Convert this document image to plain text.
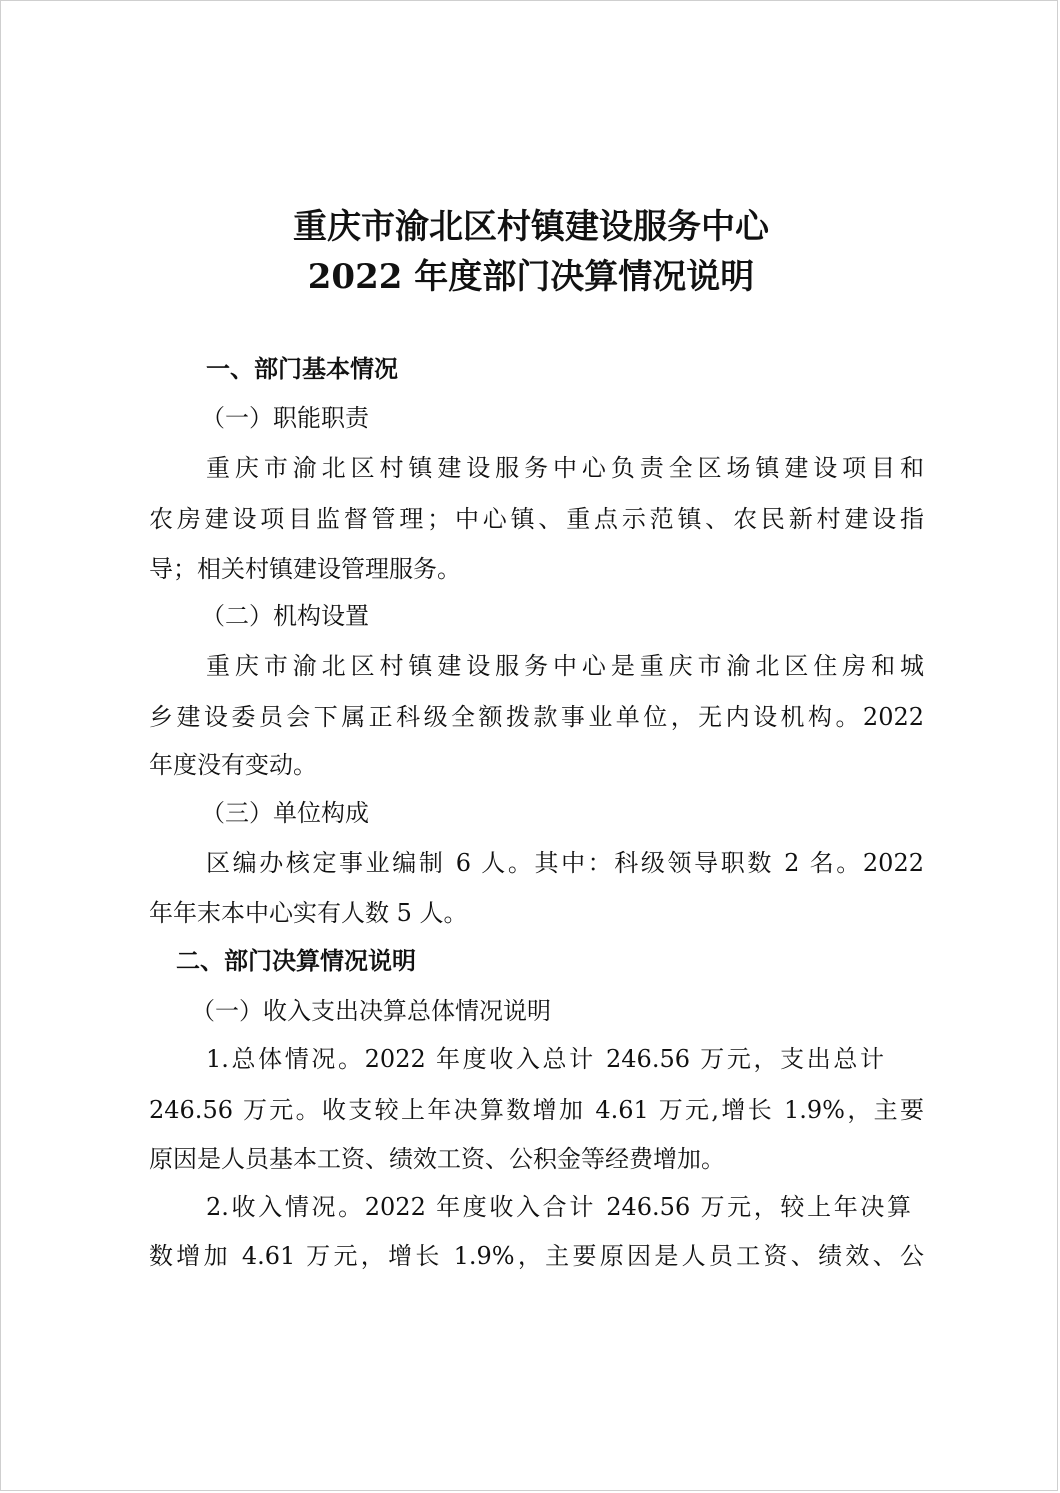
重庆市渝北区村镇建设服务中心
2022 年度部门决算情况说明
一、部门基本情况
（一）职能职责
重庆市渝北区村镇建设服务中心负责全区场镇建设项目和
农房建设项目监督管理；中心镇、重点示范镇、农民新村建设指
导；相关村镇建设管理服务。
（二）机构设置
重庆市渝北区村镇建设服务中心是重庆市渝北区住房和城
乡建设委员会下属正科级全额拨款事业单位，无内设机构。2022
年度没有变动。
（三）单位构成
区编办核定事业编制 6 人。其中：科级领导职数 2 名。2022
年年末本中心实有人数 5 人。
二、部门决算情况说明
（一）收入支出决算总体情况说明
1.总体情况。2022 年度收入总计 246.56 万元，支出总计
246.56 万元。收支较上年决算数增加 4.61 万元,增长 1.9%，主要
原因是人员基本工资、绩效工资、公积金等经费增加。
2.收入情况。2022 年度收入合计 246.56 万元，较上年决算
数增加 4.61 万元，增长 1.9%，主要原因是人员工资、绩效、公
